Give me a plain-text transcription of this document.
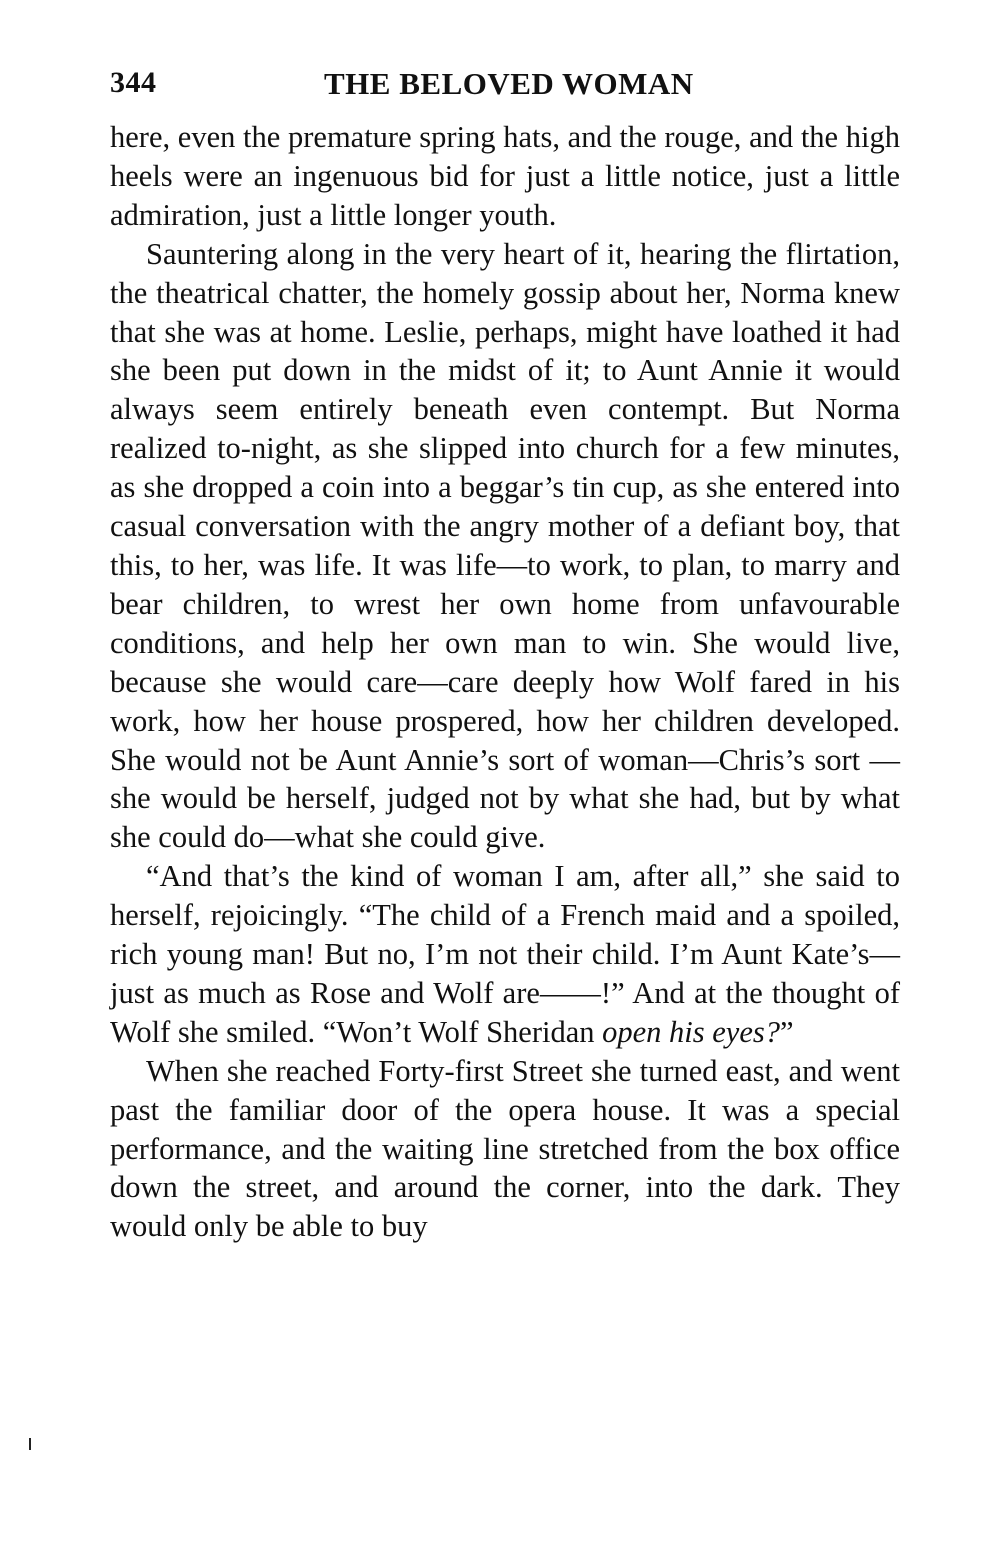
344	THE BELOVED WOMAN

here, even the premature spring hats, and the rouge, and the high heels were an ingenuous bid for just a little notice, just a little admiration, just a little longer youth.

Sauntering along in the very heart of it, hearing the flirtation, the theatrical chatter, the homely gossip about her, Norma knew that she was at home. Leslie, perhaps, might have loathed it had she been put down in the midst of it; to Aunt Annie it would always seem entirely beneath even contempt. But Norma realized to-night, as she slipped into church for a few minutes, as she dropped a coin into a beggar’s tin cup, as she entered into casual conversation with the angry mother of a defiant boy, that this, to her, was life. It was life—to work, to plan, to marry and bear children, to wrest her own home from unfavourable conditions, and help her own man to win. She would live, because she would care—care deeply how Wolf fared in his work, how her house prospered, how her children developed. She would not be Aunt Annie’s sort of woman—Chris’s sort —she would be herself, judged not by what she had, but by what she could do—what she could give.

“And that’s the kind of woman I am, after all,” she said to herself, rejoicingly. “The child of a French maid and a spoiled, rich young man! But no, I’m not their child. I’m Aunt Kate’s—just as much as Rose and Wolf are——!” And at the thought of Wolf she smiled. “Won’t Wolf Sheridan open his eyes?”

When she reached Forty-first Street she turned east, and went past the familiar door of the opera house. It was a special performance, and the waiting line stretched from the box office down the street, and around the corner, into the dark. They would only be able to buy
